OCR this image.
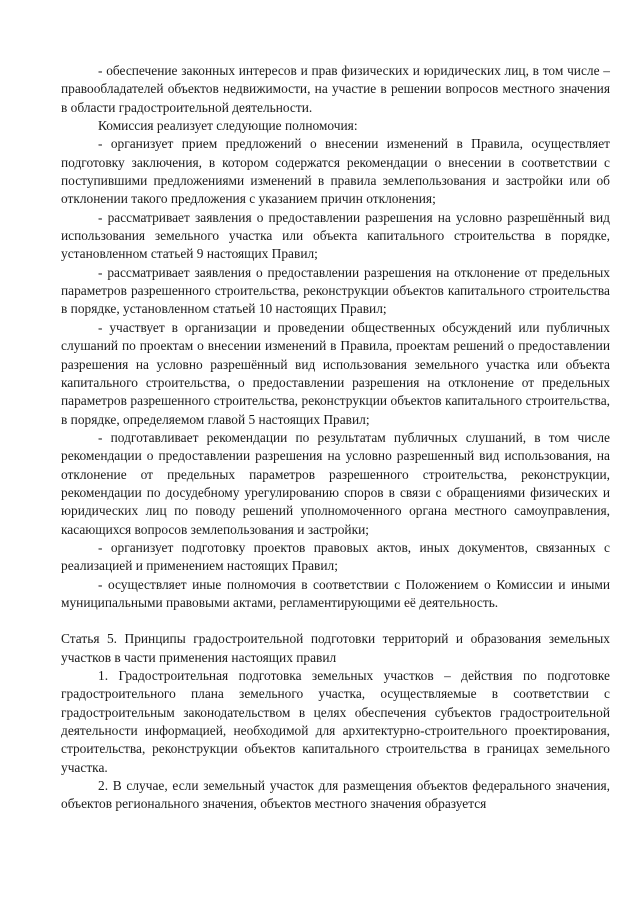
- обеспечение законных интересов и прав физических и юридических лиц, в том числе – правообладателей объектов недвижимости, на участие в решении вопросов местного значения в области градостроительной деятельности.

Комиссия реализует следующие полномочия:

- организует прием предложений о внесении изменений в Правила, осуществляет подготовку заключения, в котором содержатся рекомендации о внесении в соответствии с поступившими предложениями изменений в правила землепользования и застройки или об отклонении такого предложения с указанием причин отклонения;

- рассматривает заявления о предоставлении разрешения на условно разрешённый вид использования земельного участка или объекта капитального строительства в порядке, установленном статьей 9 настоящих Правил;

- рассматривает заявления о предоставлении разрешения на отклонение от предельных параметров разрешенного строительства, реконструкции объектов капитального строительства в порядке, установленном статьей 10 настоящих Правил;

- участвует в организации и проведении общественных обсуждений или публичных слушаний по проектам о внесении изменений в Правила, проектам решений о предоставлении разрешения на условно разрешённый вид использования земельного участка или объекта капитального строительства, о предоставлении разрешения на отклонение от предельных параметров разрешенного строительства, реконструкции объектов капитального строительства, в порядке, определяемом главой 5 настоящих Правил;

- подготавливает рекомендации по результатам публичных слушаний, в том числе рекомендации о предоставлении разрешения на условно разрешенный вид использования, на отклонение от предельных параметров разрешенного строительства, реконструкции, рекомендации по досудебному урегулированию споров в связи с обращениями физических и юридических лиц по поводу решений уполномоченного органа местного самоуправления, касающихся вопросов землепользования и застройки;

- организует подготовку проектов правовых актов, иных документов, связанных с реализацией и применением настоящих Правил;

- осуществляет иные полномочия в соответствии с Положением о Комиссии и иными муниципальными правовыми актами, регламентирующими её деятельность.

Статья 5. Принципы градостроительной подготовки территорий и образования земельных участков в части применения настоящих правил

1. Градостроительная подготовка земельных участков – действия по подготовке градостроительного плана земельного участка, осуществляемые в соответствии с градостроительным законодательством в целях обеспечения субъектов градостроительной деятельности информацией, необходимой для архитектурно-строительного проектирования, строительства, реконструкции объектов капитального строительства в границах земельного участка.

2. В случае, если земельный участок для размещения объектов федерального значения, объектов регионального значения, объектов местного значения образуется
